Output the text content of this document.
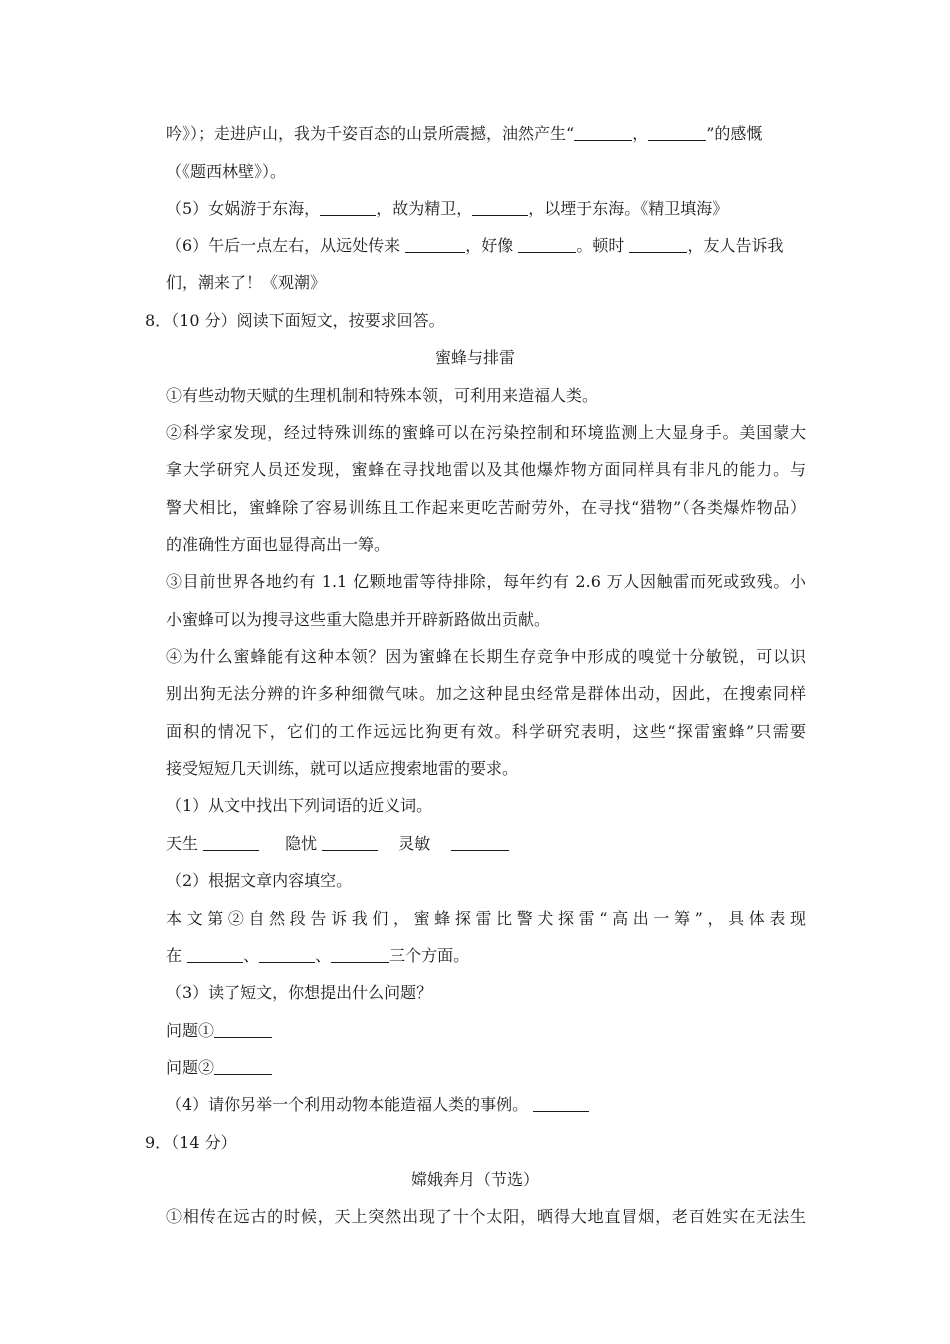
吟》）；走进庐山，我为千姿百态的山景所震撼，油然产生“	，	”的感慨
（《题西林壁》）。
（5）女娲游于东海，	，故为精卫，	，以堙于东海。《精卫填海》
（6）午后一点左右，从远处传来	，好像	。顿时	，友人告诉我
们，潮来了！《观潮》
8．（10 分）阅读下面短文，按要求回答。
蜜蜂与排雷
①有些动物天赋的生理机制和特殊本领，可利用来造福人类。
②科学家发现，经过特殊训练的蜜蜂可以在污染控制和环境监测上大显身手。美国蒙大
拿大学研究人员还发现，蜜蜂在寻找地雷以及其他爆炸物方面同样具有非凡的能力。与
警犬相比，蜜蜂除了容易训练且工作起来更吃苦耐劳外，在寻找“猎物”（各类爆炸物品）
的准确性方面也显得高出一筹。
③目前世界各地约有 1.1 亿颗地雷等待排除，每年约有 2.6 万人因触雷而死或致残。小
小蜜蜂可以为搜寻这些重大隐患并开辟新路做出贡献。
④为什么蜜蜂能有这种本领？因为蜜蜂在长期生存竞争中形成的嗅觉十分敏锐，可以识
别出狗无法分辨的许多种细微气味。加之这种昆虫经常是群体出动，因此，在搜索同样
面积的情况下，它们的工作远远比狗更有效。科学研究表明，这些“探雷蜜蜂”只需要
接受短短几天训练，就可以适应搜索地雷的要求。
（1）从文中找出下列词语的近义词。
天生	隐忧	灵敏
（2）根据文章内容填空。
本文第②自然段告诉我们，蜜蜂探雷比警犬探雷“高出一筹”，具体表现
在	、	、	三个方面。
（3）读了短文，你想提出什么问题？
问题①
问题②
（4）请你另举一个利用动物本能造福人类的事例。
9．（14 分）
嫦娥奔月（节选）
①相传在远古的时候，天上突然出现了十个太阳，晒得大地直冒烟，老百姓实在无法生
